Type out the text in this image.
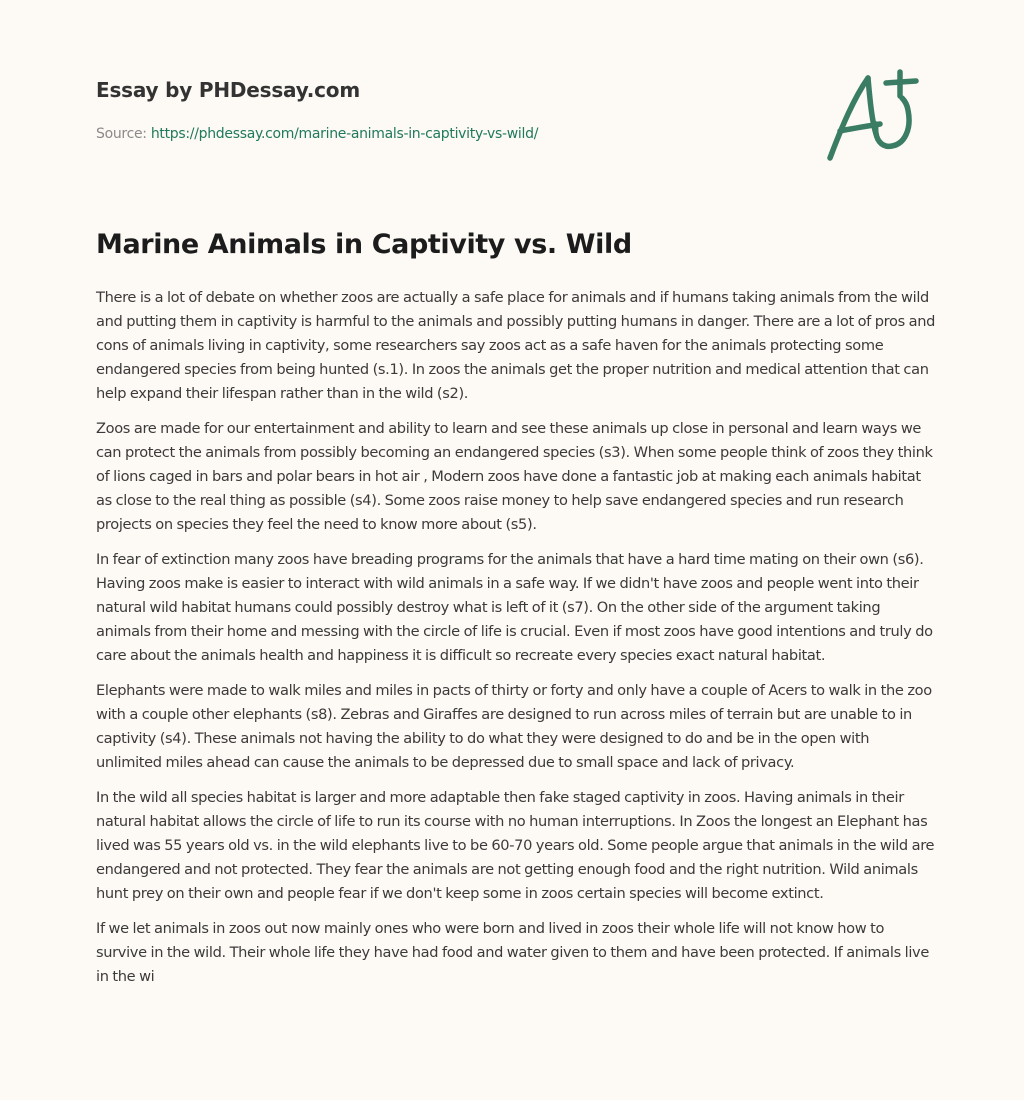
Essay by PHDessay.com
Source: https://phdessay.com/marine-animals-in-captivity-vs-wild/
Marine Animals in Captivity vs. Wild

There is a lot of debate on whether zoos are actually a safe place for animals and if humans taking animals from the wild and putting them in captivity is harmful to the animals and possibly putting humans in danger. There are a lot of pros and cons of animals living in captivity, some researchers say zoos act as a safe haven for the animals protecting some endangered species from being hunted (s.1). In zoos the animals get the proper nutrition and medical attention that can help expand their lifespan rather than in the wild (s2).

Zoos are made for our entertainment and ability to learn and see these animals up close in personal and learn ways we can protect the animals from possibly becoming an endangered species (s3). When some people think of zoos they think of lions caged in bars and polar bears in hot air , Modern zoos have done a fantastic job at making each animals habitat as close to the real thing as possible (s4). Some zoos raise money to help save endangered species and run research projects on species they feel the need to know more about (s5).

In fear of extinction many zoos have breading programs for the animals that have a hard time mating on their own (s6). Having zoos make is easier to interact with wild animals in a safe way. If we didn't have zoos and people went into their natural wild habitat humans could possibly destroy what is left of it (s7). On the other side of the argument taking animals from their home and messing with the circle of life is crucial. Even if most zoos have good intentions and truly do care about the animals health and happiness it is difficult so recreate every species exact natural habitat.

Elephants were made to walk miles and miles in pacts of thirty or forty and only have a couple of Acers to walk in the zoo with a couple other elephants (s8). Zebras and Giraffes are designed to run across miles of terrain but are unable to in captivity (s4). These animals not having the ability to do what they were designed to do and be in the open with unlimited miles ahead can cause the animals to be depressed due to small space and lack of privacy.

In the wild all species habitat is larger and more adaptable then fake staged captivity in zoos. Having animals in their natural habitat allows the circle of life to run its course with no human interruptions. In Zoos the longest an Elephant has lived was 55 years old vs. in the wild elephants live to be 60-70 years old. Some people argue that animals in the wild are endangered and not protected. They fear the animals are not getting enough food and the right nutrition. Wild animals hunt prey on their own and people fear if we don't keep some in zoos certain species will become extinct.

If we let animals in zoos out now mainly ones who were born and lived in zoos their whole life will not know how to survive in the wild. Their whole life they have had food and water given to them and have been protected. If animals live in the wi
